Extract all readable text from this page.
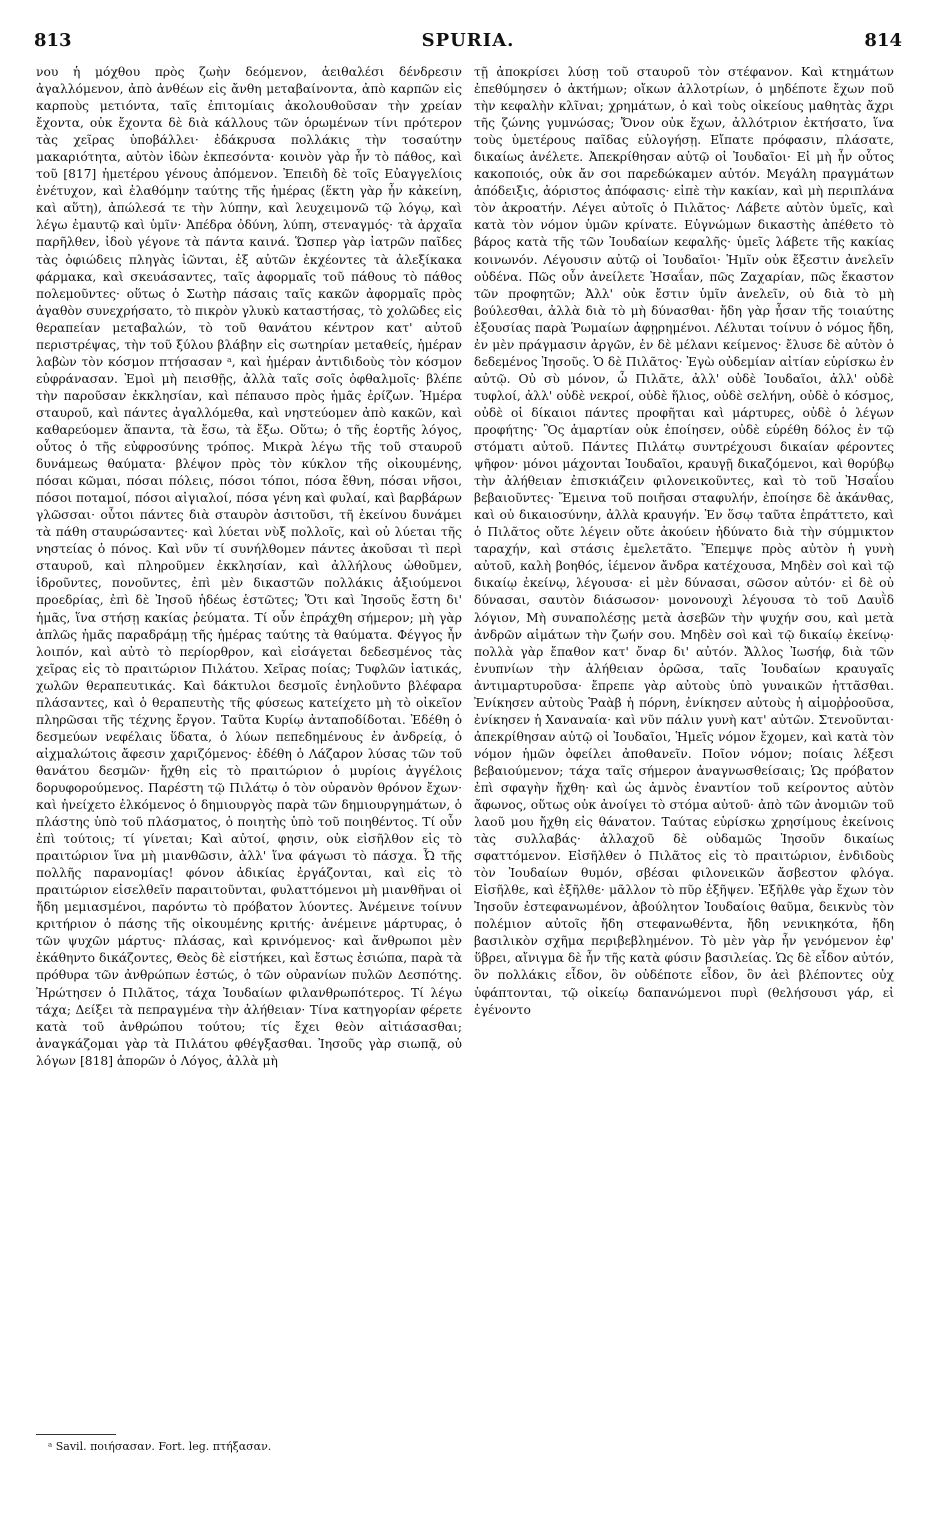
813	SPURIA.	814

νου ἡ μόχθου πρὸς ζωὴν δεόμενον, ἀειθαλέσι δένδρεσιν ἀγαλλόμενον, ἀπὸ ἀνθέων εἰς ἄνθη μεταβαίνοντα, ἀπὸ καρπῶν εἰς καρποὺς μετιόντα, ταῖς ἐπιτομίαις ἀκολουθοῦσαν τὴν χρείαν ἔχοντα, οὐκ ἔχοντα δὲ διὰ κάλλους τῶν ὁρωμένων τίνι πρότερον τὰς χεῖρας ὑποβάλλει· ἐδάκρυσα πολλάκις τὴν τοσαύτην μακαριότητα, αὐτὸν ἰδὼν ἐκπεσόντα· κοινὸν γὰρ ἦν τὸ πάθος, καὶ τοῦ [817] ἡμετέρου γένους ἀπόμενον. Ἐπειδὴ δὲ τοῖς Εὐαγγελίοις ἐνέτυχον, καὶ ἐλαθόμην ταύτης τῆς ἡμέρας (ἕκτη γὰρ ἦν κἀκείνη, καὶ αὕτη), ἀπώλεσά τε τὴν λύπην, καὶ λευχειμονῶ τῷ λόγῳ, καὶ λέγω ἐμαυτῷ καὶ ὑμῖν· Ἀπέδρα ὀδύνη, λύπη, στεναγμός· τὰ ἀρχαῖα παρῆλθεν, ἰδοὺ γέγονε τὰ πάντα καινά. Ὥσπερ γὰρ ἰατρῶν παῖδες τὰς ὀφιώδεις πληγὰς ἰῶνται, ἐξ αὐτῶν ἐκχέοντες τὰ ἀλεξίκακα φάρμακα, καὶ σκευάσαντες, ταῖς ἀφορμαῖς τοῦ πάθους τὸ πάθος πολεμοῦντες· οὕτως ὁ Σωτὴρ πάσαις ταῖς κακῶν ἀφορμαῖς πρὸς ἀγαθὸν συνεχρήσατο, τὸ πικρὸν γλυκὺ καταστήσας, τὸ χολῶδες εἰς θεραπείαν μεταβαλών, τὸ τοῦ θανάτου κέντρον κατ' αὐτοῦ περιστρέψας, τὴν τοῦ ξύλου βλάβην εἰς σωτηρίαν μεταθείς, ἡμέραν λαβὼν τὸν κόσμον πτήσασαν ᵃ, καὶ ἡμέραν ἀντιδιδοὺς τὸν κόσμον εὐφράνασαν. Ἐμοὶ μὴ πεισθῇς, ἀλλὰ ταῖς σοῖς ὀφθαλμοῖς· βλέπε τὴν παροῦσαν ἐκκλησίαν, καὶ πέπαυσο πρὸς ἡμᾶς ἐρίζων. Ἡμέρα σταυροῦ, καὶ πάντες ἀγαλλόμεθα, καὶ νηστεύομεν ἀπὸ κακῶν, καὶ καθαρεύομεν ἅπαντα, τὰ ἔσω, τὰ ἔξω. Οὕτω; ὁ τῆς ἑορτῆς λόγος, οὗτος ὁ τῆς εὐφροσύνης τρόπος. Μικρὰ λέγω τῆς τοῦ σταυροῦ δυνάμεως θαύματα· βλέψον πρὸς τὸν κύκλον τῆς οἰκουμένης, πόσαι κῶμαι, πόσαι πόλεις, πόσοι τόποι, πόσα ἔθνη, πόσαι νῆσοι, πόσοι ποταμοί, πόσοι αἰγιαλοί, πόσα γένη καὶ φυλαί, καὶ βαρβάρων γλῶσσαι· οὗτοι πάντες διὰ σταυρὸν ἀσιτοῦσι, τῆ ἐκείνου δυνάμει τὰ πάθη σταυρώσαντες· καὶ λύεται νὺξ πολλοῖς, καὶ οὐ λύεται τῆς νηστείας ὁ πόνος. Καὶ νῦν τί συνήλθομεν πάντες ἀκοῦσαι τὶ περὶ σταυροῦ, καὶ πληροῦμεν ἐκκλησίαν, καὶ ἀλλήλους ὠθοῦμεν, ἱδροῦντες, πονοῦντες, ἐπὶ μὲν δικαστῶν πολλάκις ἀξιούμενοι προεδρίας, ἐπὶ δὲ Ἰησοῦ ἡδέως ἑστῶτες; Ὅτι καὶ Ἰησοῦς ἔστη δι' ἡμᾶς, ἵνα στήσῃ κακίας ῥεύματα. Τί οὖν ἐπράχθη σήμερον; μὴ γὰρ ἁπλῶς ἡμᾶς παραδράμῃ τῆς ἡμέρας ταύτης τὰ θαύματα. Φέγγος ἦν λοιπόν, καὶ αὐτὸ τὸ περίορθρον, καὶ εἰσάγεται δεδεσμένος τὰς χεῖρας εἰς τὸ πραιτώριον Πιλάτου. Χεῖρας ποίας; Τυφλῶν ἰατικάς, χωλῶν θεραπευτικάς. Καὶ δάκτυλοι δεσμοῖς ἐνηλοῦντο βλέφαρα πλάσαντες, καὶ ὁ θεραπευτὴς τῆς φύσεως κατείχετο μὴ τὸ οἰκεῖον πληρῶσαι τῆς τέχνης ἔργον. Ταῦτα Κυρίῳ ἀνταποδίδοται. Ἐδέθη ὁ δεσμεύων νεφέλαις ὕδατα, ὁ λύων πεπεδημένους ἐν ἀνδρείᾳ, ὁ αἰχμαλώτοις ἄφεσιν χαριζόμενος· ἐδέθη ὁ Λάζαρον λύσας τῶν τοῦ θανάτου δεσμῶν· ἤχθη εἰς τὸ πραιτώριον ὁ μυρίοις ἀγγέλοις δορυφορούμενος. Παρέστη τῷ Πιλάτῳ ὁ τὸν οὐρανὸν θρόνον ἔχων· καὶ ἠνείχετο ἐλκόμενος ὁ δημιουργὸς παρὰ τῶν δημιουργημάτων, ὁ πλάστης ὑπὸ τοῦ πλάσματος, ὁ ποιητὴς ὑπὸ τοῦ ποιηθέντος. Τί οὖν ἐπὶ τούτοις; τί γίνεται; Καὶ αὐτοί, φησιν, οὐκ εἰσῆλθον εἰς τὸ πραιτώριον ἵνα μὴ μιανθῶσιν, ἀλλ' ἵνα φάγωσι τὸ πάσχα. Ὦ τῆς πολλῆς παρανομίας! φόνον ἀδικίας ἐργάζονται, καὶ εἰς τὸ πραιτώριον εἰσελθεῖν παραιτοῦνται, φυλαττόμενοι μὴ μιανθῆναι οἱ ἤδη μεμιασμένοι, παρόντω τὸ πρόβατον λύοντες. Ἀνέμεινε τοίνυν κριτήριον ὁ πάσης τῆς οἰκουμένης κριτής· ἀνέμεινε μάρτυρας, ὁ τῶν ψυχῶν μάρτυς· πλάσας, καὶ κρινόμενος· καὶ ἄνθρωποι μὲν ἐκάθηντο δικάζοντες, Θεὸς δὲ εἱστήκει, καὶ ἔστως ἐσιώπα, παρὰ τὰ πρόθυρα τῶν ἀνθρώπων ἑστώς, ὁ τῶν οὐρανίων πυλῶν Δεσπότης. Ἠρώτησεν ὁ Πιλᾶτος, τάχα Ἰουδαίων φιλανθρωπότερος. Τί λέγω τάχα; Δείξει τὰ πεπραγμένα τὴν ἀλήθειαν· Τίνα κατηγορίαν φέρετε κατὰ τοῦ ἀνθρώπου τούτου; τίς ἔχει θεὸν αἰτιάσασθαι; ἀναγκάζομαι γὰρ τὰ Πιλάτου φθέγξασθαι. Ἰησοῦς γὰρ σιωπᾷ, οὐ λόγων [818] ἀπορῶν ὁ Λόγος, ἀλλὰ μὴ

τῇ ἀποκρίσει λύσῃ τοῦ σταυροῦ τὸν στέφανον. Καὶ κτημάτων ἐπεθύμησεν ὁ ἀκτήμων; οἴκων ἀλλοτρίων, ὁ μηδέποτε ἔχων ποῦ τὴν κεφαλὴν κλῖναι; χρημάτων, ὁ καὶ τοὺς οἰκείους μαθητὰς ἄχρι τῆς ζώνης γυμνώσας; Ὄνον οὐκ ἔχων, ἀλλότριον ἐκτήσατο, ἵνα τοὺς ὑμετέρους παῖδας εὐλογήσῃ. Εἴπατε πρόφασιν, πλάσατε, δικαίως ἀνέλετε. Ἀπεκρίθησαν αὐτῷ οἱ Ἰουδαῖοι· Εἰ μὴ ἦν οὗτος κακοποιός, οὐκ ἄν σοι παρεδώκαμεν αὐτόν. Μεγάλη πραγμάτων ἀπόδειξις, ἀόριστος ἀπόφασις· εἰπὲ τὴν κακίαν, καὶ μὴ περιπλάνα τὸν ἀκροατήν. Λέγει αὐτοῖς ὁ Πιλᾶτος· Λάβετε αὐτὸν ὑμεῖς, καὶ κατὰ τὸν νόμον ὑμῶν κρίνατε. Εὐγνώμων δικαστὴς ἀπέθετο τὸ βάρος κατὰ τῆς τῶν Ἰουδαίων κεφαλῆς· ὑμεῖς λάβετε τῆς κακίας κοινωνόν. Λέγουσιν αὐτῷ οἱ Ἰουδαῖοι· Ἡμῖν οὐκ ἔξεστιν ἀνελεῖν οὐδένα. Πῶς οὖν ἀνείλετε Ἠσαΐαν, πῶς Ζαχαρίαν, πῶς ἕκαστον τῶν προφητῶν; Ἀλλ' οὐκ ἔστιν ὑμῖν ἀνελεῖν, οὐ διὰ τὸ μὴ βούλεσθαι, ἀλλὰ διὰ τὸ μὴ δύνασθαι· ἤδη γὰρ ἦσαν τῆς τοιαύτης ἐξουσίας παρὰ Ῥωμαίων ἀφῃρημένοι. Λέλυται τοίνυν ὁ νόμος ἤδη, ἐν μὲν πράγμασιν ἀργῶν, ἐν δὲ μέλανι κείμενος· ἔλυσε δὲ αὐτὸν ὁ δεδεμένος Ἰησοῦς. Ὁ δὲ Πιλᾶτος· Ἐγὼ οὐδεμίαν αἰτίαν εὑρίσκω ἐν αὐτῷ. Οὐ σὺ μόνον, ὦ Πιλᾶτε, ἀλλ' οὐδὲ Ἰουδαῖοι, ἀλλ' οὐδὲ τυφλοί, ἀλλ' οὐδὲ νεκροί, οὐδὲ ἥλιος, οὐδὲ σελήνη, οὐδὲ ὁ κόσμος, οὐδὲ οἱ δίκαιοι πάντες προφῆται καὶ μάρτυρες, οὐδὲ ὁ λέγων προφήτης· Ὃς ἁμαρτίαν οὐκ ἐποίησεν, οὐδὲ εὑρέθη δόλος ἐν τῷ στόματι αὐτοῦ. Πάντες Πιλάτῳ συντρέχουσι δικαίαν φέροντες ψῆφον· μόνοι μάχονται Ἰουδαῖοι, κραυγῇ δικαζόμενοι, καὶ θορύβῳ τὴν ἀλήθειαν ἐπισκιάζειν φιλονεικοῦντες, καὶ τὸ τοῦ Ἠσαΐου βεβαιοῦντες· Ἔμεινα τοῦ ποιῆσαι σταφυλήν, ἐποίησε δὲ ἀκάνθας, καὶ οὐ δικαιοσύνην, ἀλλὰ κραυγήν. Ἐν ὅσῳ ταῦτα ἐπράττετο, καὶ ὁ Πιλᾶτος οὔτε λέγειν οὔτε ἀκούειν ἠδύνατο διὰ τὴν σύμμικτον ταραχήν, καὶ στάσις ἐμελετᾶτο. Ἔπεμψε πρὸς αὐτὸν ἡ γυνὴ αὐτοῦ, καλὴ βοηθός, ἱέμενον ἄνδρα κατέχουσα, Μηδὲν σοὶ καὶ τῷ δικαίῳ ἐκείνῳ, λέγουσα· εἰ μὲν δύνασαι, σῶσον αὐτόν· εἰ δὲ οὐ δύνασαι, σαυτὸν διάσωσον· μονονουχὶ λέγουσα τὸ τοῦ Δαυῒδ λόγιον, Μὴ συναπολέσῃς μετὰ ἀσεβῶν τὴν ψυχήν σου, καὶ μετὰ ἀνδρῶν αἱμάτων τὴν ζωήν σου. Μηδὲν σοὶ καὶ τῷ δικαίῳ ἐκείνῳ· πολλὰ γὰρ ἔπαθον κατ' ὄναρ δι' αὐτόν. Ἄλλος Ἰωσήφ, διὰ τῶν ἐνυπνίων τὴν ἀλήθειαν ὁρῶσα, ταῖς Ἰουδαίων κραυγαῖς ἀντιμαρτυροῦσα· ἔπρεπε γὰρ αὐτοὺς ὑπὸ γυναικῶν ἡττᾶσθαι. Ἐνίκησεν αὐτοὺς Ῥαὰβ ἡ πόρνη, ἐνίκησεν αὐτοὺς ἡ αἱμοῤῥοοῦσα, ἐνίκησεν ἡ Χαναναία· καὶ νῦν πάλιν γυνὴ κατ' αὐτῶν. Στενοῦνται· ἀπεκρίθησαν αὐτῷ οἱ Ἰουδαῖοι, Ἡμεῖς νόμον ἔχομεν, καὶ κατὰ τὸν νόμον ἡμῶν ὀφείλει ἀποθανεῖν. Ποῖον νόμον; ποίαις λέξεσι βεβαιούμενον; τάχα ταῖς σήμερον ἀναγνωσθείσαις; Ὡς πρόβατον ἐπὶ σφαγὴν ἤχθη· καὶ ὡς ἀμνὸς ἐναντίον τοῦ κείροντος αὐτὸν ἄφωνος, οὕτως οὐκ ἀνοίγει τὸ στόμα αὐτοῦ· ἀπὸ τῶν ἀνομιῶν τοῦ λαοῦ μου ἤχθη εἰς θάνατον. Ταύτας εὑρίσκω χρησίμους ἐκείνοις τὰς συλλαβάς· ἀλλαχοῦ δὲ οὐδαμῶς Ἰησοῦν δικαίως σφαττόμενον. Εἰσῆλθεν ὁ Πιλᾶτος εἰς τὸ πραιτώριον, ἐνδιδοὺς τὸν Ἰουδαίων θυμόν, σβέσαι φιλονεικῶν ἄσβεστον φλόγα. Εἰσῆλθε, καὶ ἐξῆλθε· μᾶλλον τὸ πῦρ ἐξῆψεν. Ἐξῆλθε γὰρ ἔχων τὸν Ἰησοῦν ἐστεφανωμένον, ἀβούλητον Ἰουδαίοις θαῦμα, δεικνὺς τὸν πολέμιον αὐτοῖς ἤδη στεφανωθέντα, ἤδη νενικηκότα, ἤδη βασιλικὸν σχῆμα περιβεβλημένον. Τὸ μὲν γὰρ ἦν γενόμενον ἐφ' ὕβρει, αἴνιγμα δὲ ἦν τῆς κατὰ φύσιν βασιλείας. Ὡς δὲ εἶδον αὐτόν, ὃν πολλάκις εἶδον, ὃν οὐδέποτε εἶδον, ὃν ἀεὶ βλέποντες οὐχ ὑφάπτονται, τῷ οἰκείῳ δαπανώμενοι πυρὶ (θελήσουσι γάρ, εἰ ἐγένοντο

ᵃ Savil. ποιήσασαν. Fort. leg. πτήξασαν.
